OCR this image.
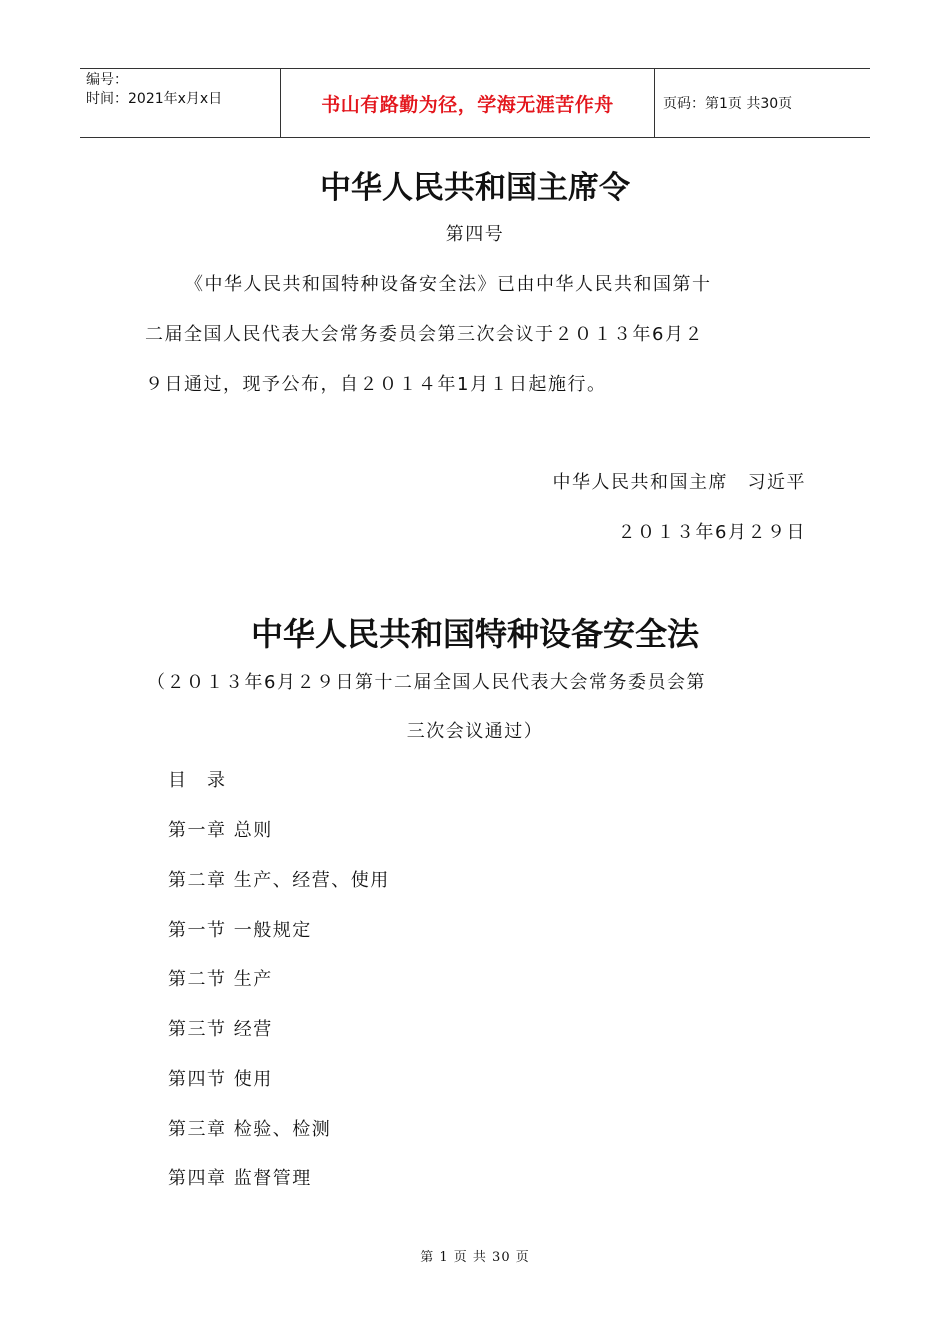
编号：
时间：2021年x月x日	书山有路勤为径，学海无涯苦作舟	页码：第1页 共30页
中华人民共和国主席令
第四号
《中华人民共和国特种设备安全法》已由中华人民共和国第十
二届全国人民代表大会常务委员会第三次会议于２０１３年6月２
９日通过，现予公布，自２０１４年1月１日起施行。
中华人民共和国主席　习近平
２０１３年6月２９日
中华人民共和国特种设备安全法
（２０１３年6月２９日第十二届全国人民代表大会常务委员会第
三次会议通过）
目　录
第一章 总则
第二章 生产、经营、使用
第一节 一般规定
第二节 生产
第三节 经营
第四节 使用
第三章 检验、检测
第四章 监督管理
第 1 页 共 30 页
